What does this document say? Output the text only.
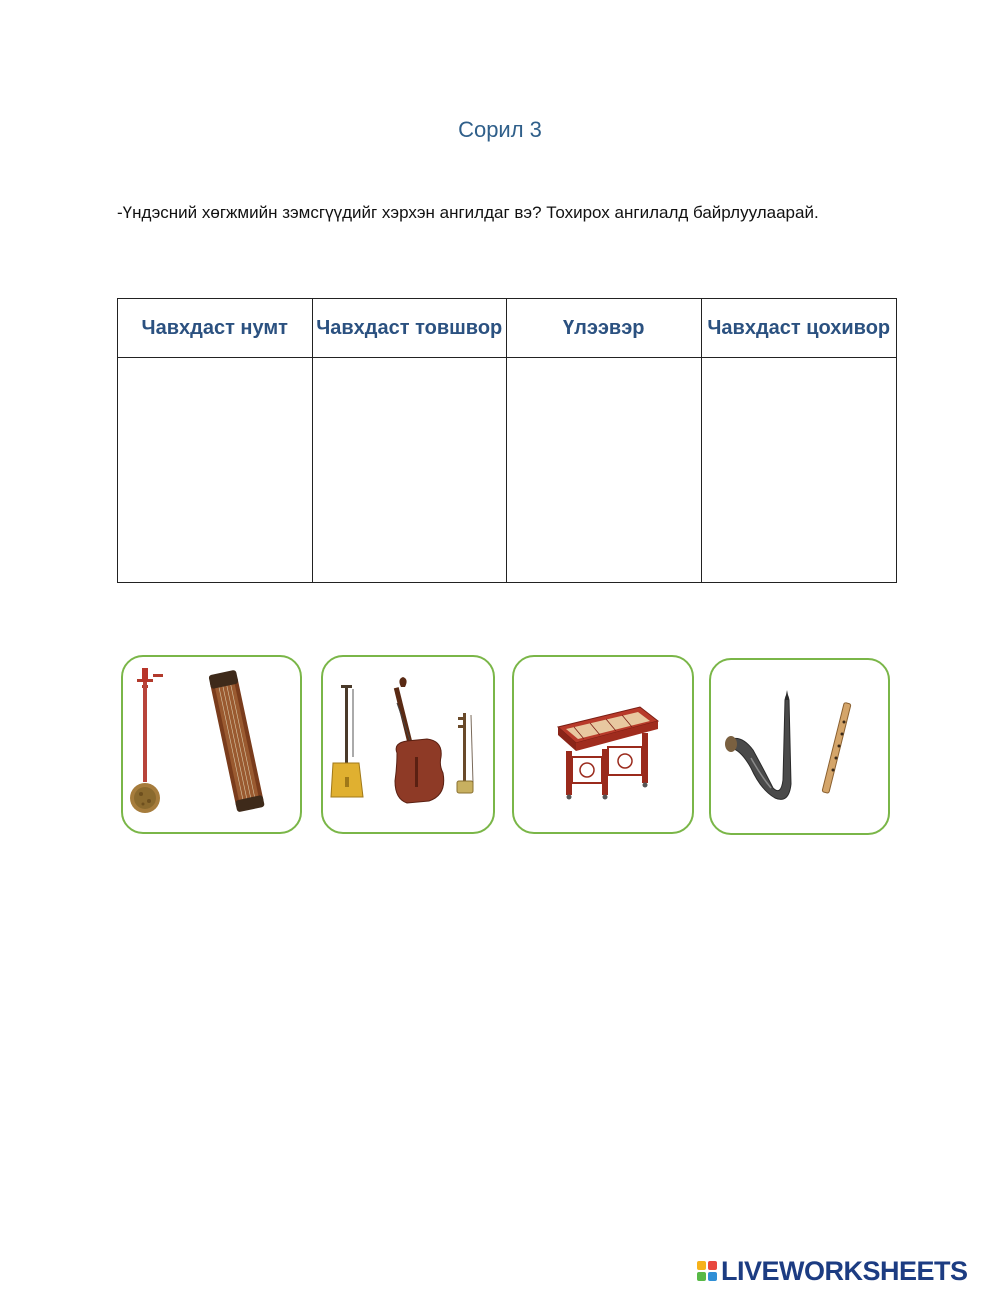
Сорил 3
-Үндэсний хөгжмийн зэмсгүүдийг хэрхэн ангилдаг вэ? Тохирох ангилалд байрлуулаарай.
Чавхдаст нумт	Чавхдаст товшвор	Үлээвэр	Чавхдаст цохивор
LIVEWORKSHEETS
